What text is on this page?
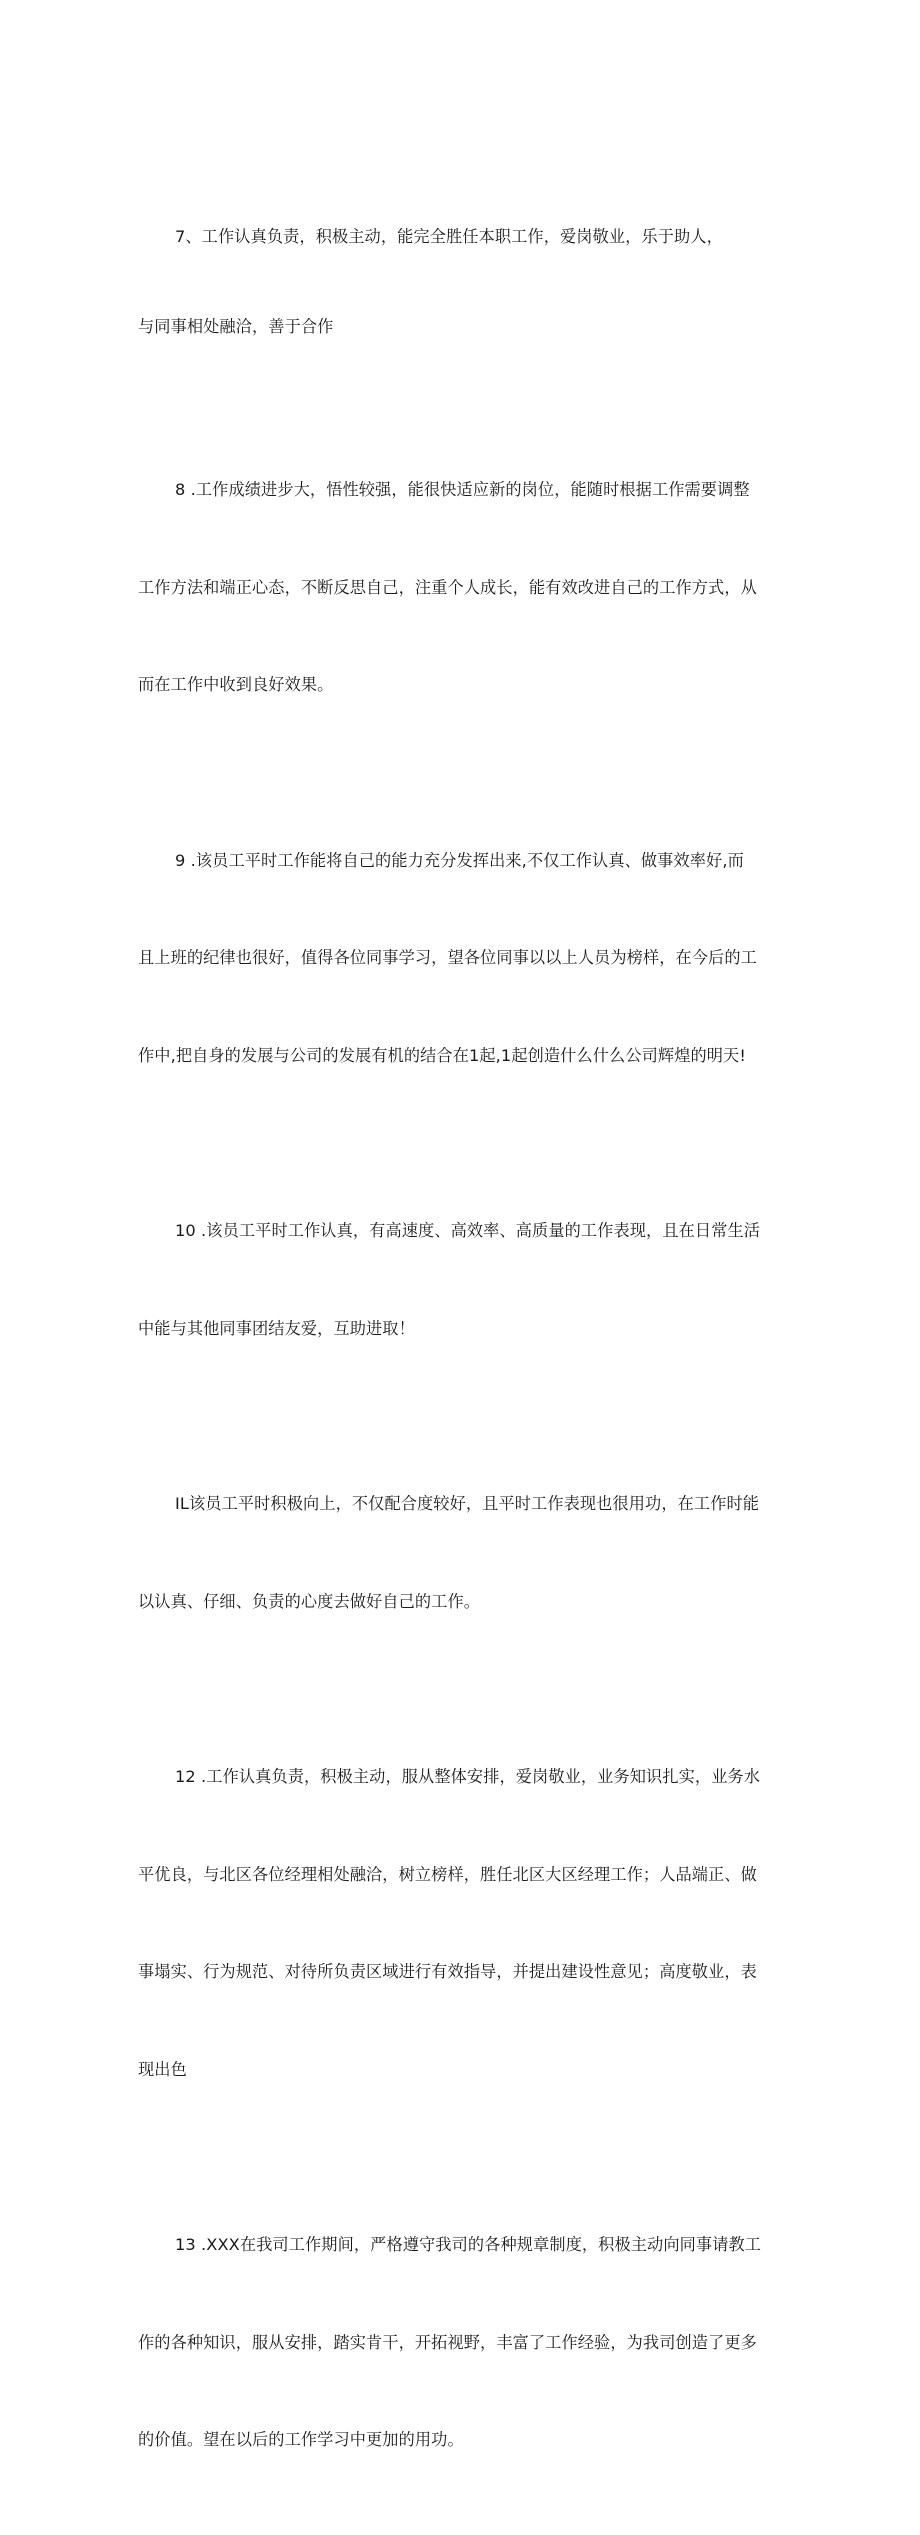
7、工作认真负责，积极主动，能完全胜任本职工作，爱岗敬业，乐于助人，

与同事相处融洽，善于合作

8 .工作成绩进步大，悟性较强，能很快适应新的岗位，能随时根据工作需要调整

工作方法和端正心态，不断反思自己，注重个人成长，能有效改进自己的工作方式，从

而在工作中收到良好效果。

9 .该员工平时工作能将自己的能力充分发挥出来,不仅工作认真、做事效率好,而

且上班的纪律也很好，值得各位同事学习，望各位同事以以上人员为榜样，在今后的工

作中,把自身的发展与公司的发展有机的结合在1起,1起创造什么什么公司辉煌的明天!

10 .该员工平时工作认真，有高速度、高效率、高质量的工作表现，且在日常生活

中能与其他同事团结友爱，互助进取！

IL该员工平时积极向上，不仅配合度较好，且平时工作表现也很用功，在工作时能

以认真、仔细、负责的心度去做好自己的工作。

12 .工作认真负责，积极主动，服从整体安排，爱岗敬业，业务知识扎实，业务水

平优良，与北区各位经理相处融洽，树立榜样，胜任北区大区经理工作；人品端正、做

事塌实、行为规范、对待所负责区域进行有效指导，并提出建设性意见；高度敬业，表

现出色

13 .XXX在我司工作期间，严格遵守我司的各种规章制度，积极主动向同事请教工

作的各种知识，服从安排，踏实肯干，开拓视野，丰富了工作经验，为我司创造了更多

的价值。望在以后的工作学习中更加的用功。
